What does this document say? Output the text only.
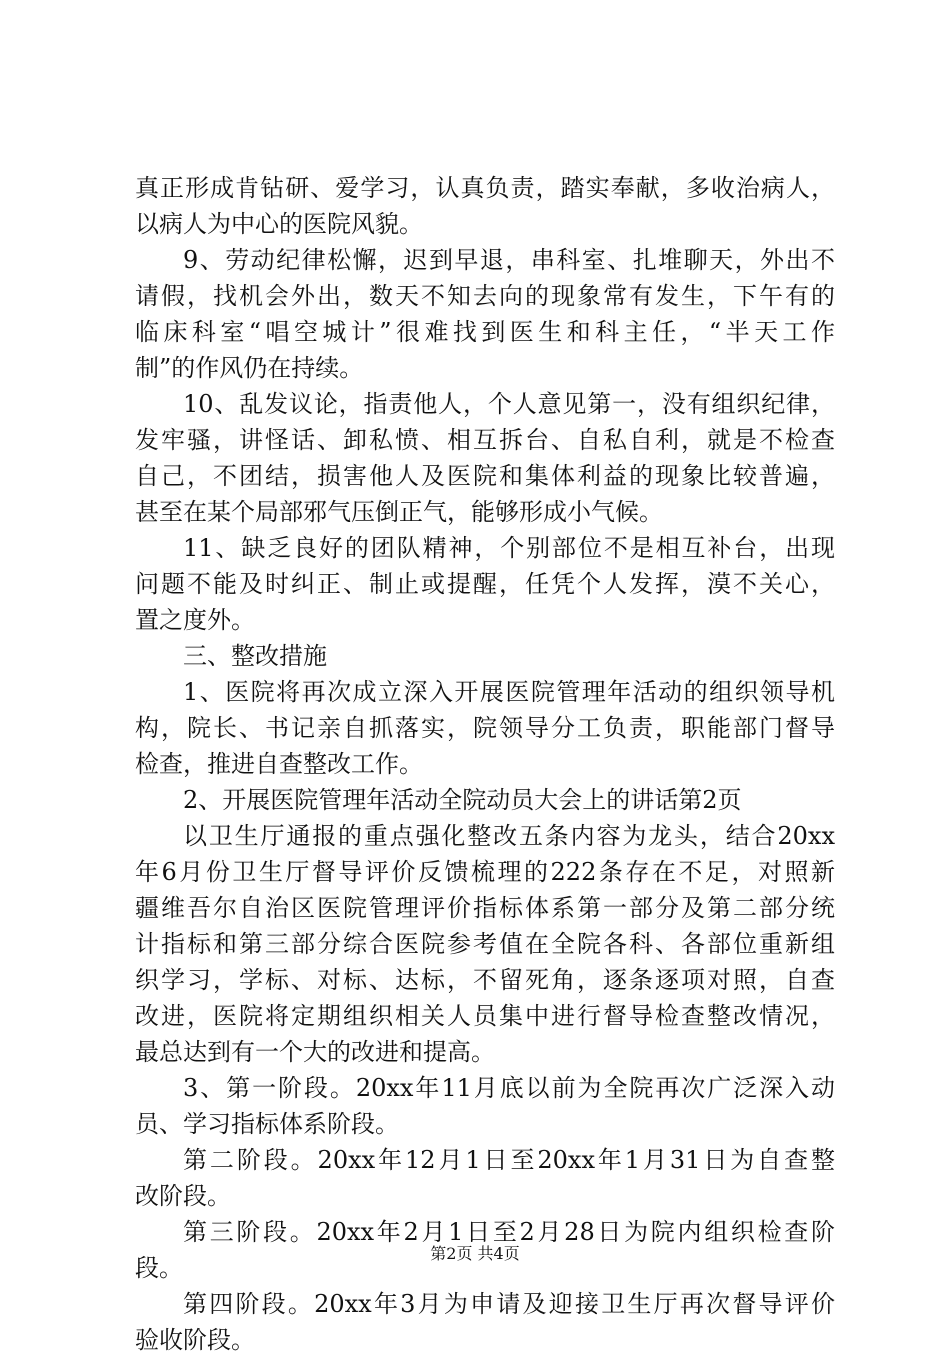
真正形成肯钻研、爱学习，认真负责，踏实奉献，多收治病人，
以病人为中心的医院风貌。
9、劳动纪律松懈，迟到早退，串科室、扎堆聊天，外出不
请假，找机会外出，数天不知去向的现象常有发生，下午有的
临床科室“唱空城计”很难找到医生和科主任，“半天工作
制”的作风仍在持续。
10、乱发议论，指责他人，个人意见第一，没有组织纪律，
发牢骚，讲怪话、卸私愤、相互拆台、自私自利，就是不检查
自己，不团结，损害他人及医院和集体利益的现象比较普遍，
甚至在某个局部邪气压倒正气，能够形成小气候。
11、缺乏良好的团队精神，个别部位不是相互补台，出现
问题不能及时纠正、制止或提醒，任凭个人发挥，漠不关心，
置之度外。
三、整改措施
1、医院将再次成立深入开展医院管理年活动的组织领导机
构，院长、书记亲自抓落实，院领导分工负责，职能部门督导
检查，推进自查整改工作。
2、开展医院管理年活动全院动员大会上的讲话第2页
以卫生厅通报的重点强化整改五条内容为龙头，结合20xx
年6月份卫生厅督导评价反馈梳理的222条存在不足，对照新
疆维吾尔自治区医院管理评价指标体系第一部分及第二部分统
计指标和第三部分综合医院参考值在全院各科、各部位重新组
织学习，学标、对标、达标，不留死角，逐条逐项对照，自查
改进，医院将定期组织相关人员集中进行督导检查整改情况，
最总达到有一个大的改进和提高。
3、第一阶段。20xx年11月底以前为全院再次广泛深入动
员、学习指标体系阶段。
第二阶段。20xx年12月1日至20xx年1月31日为自查整
改阶段。
第三阶段。20xx年2月1日至2月28日为院内组织检查阶
段。
第四阶段。20xx年3月为申请及迎接卫生厅再次督导评价
验收阶段。
第2页 共4页
